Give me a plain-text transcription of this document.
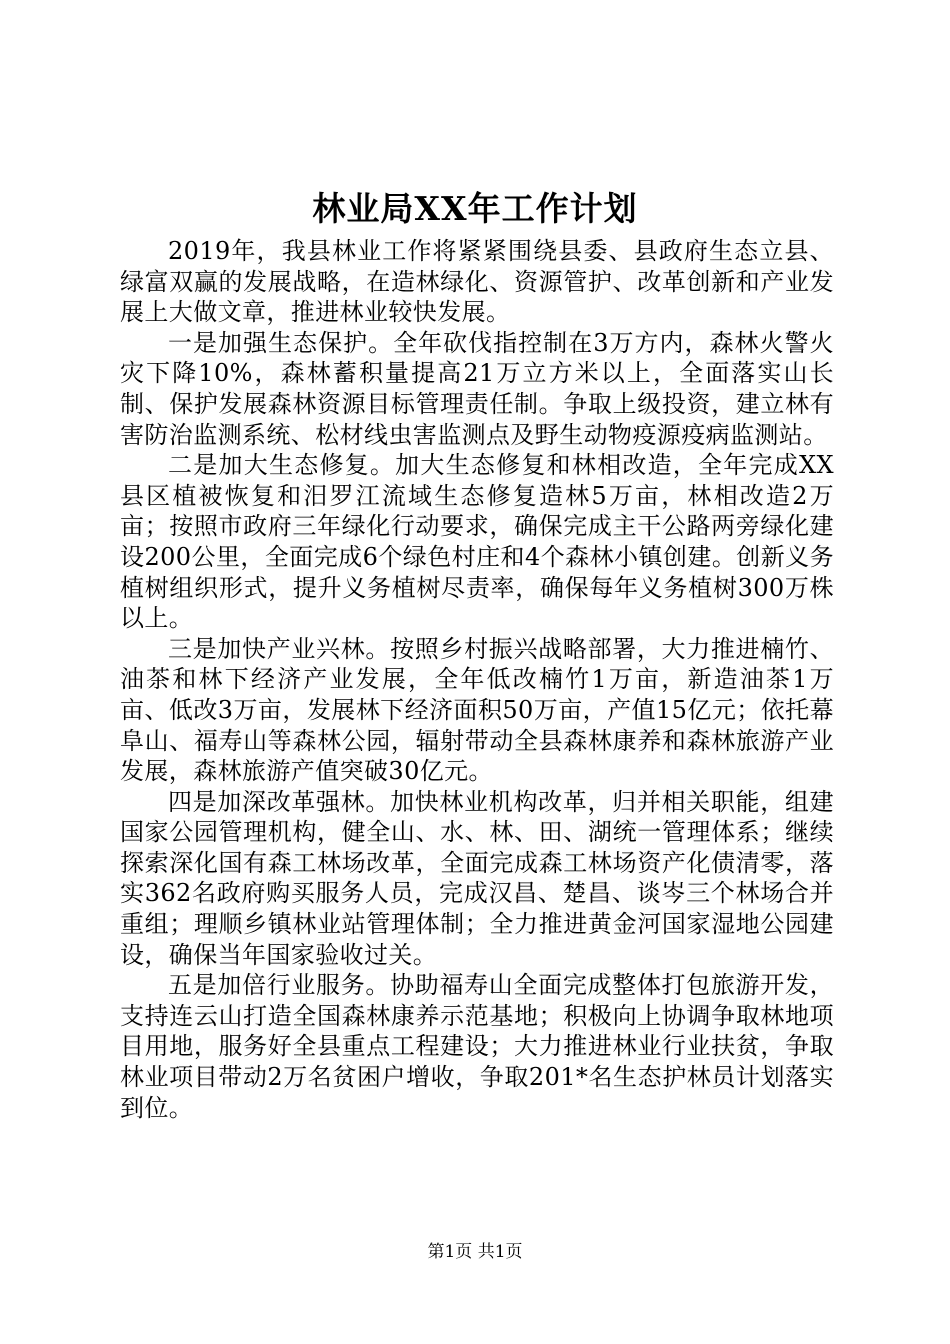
林业局XX年工作计划

2019年，我县林业工作将紧紧围绕县委、县政府生态立县、绿富双赢的发展战略，在造林绿化、资源管护、改革创新和产业发展上大做文章，推进林业较快发展。

一是加强生态保护。全年砍伐指控制在3万方内，森林火警火灾下降10%，森林蓄积量提高21万立方米以上，全面落实山长制、保护发展森林资源目标管理责任制。争取上级投资，建立林有害防治监测系统、松材线虫害监测点及野生动物疫源疫病监测站。

二是加大生态修复。加大生态修复和林相改造，全年完成XX县区植被恢复和汨罗江流域生态修复造林5万亩，林相改造2万亩；按照市政府三年绿化行动要求，确保完成主干公路两旁绿化建设200公里，全面完成6个绿色村庄和4个森林小镇创建。创新义务植树组织形式，提升义务植树尽责率，确保每年义务植树300万株以上。

三是加快产业兴林。按照乡村振兴战略部署，大力推进楠竹、油茶和林下经济产业发展，全年低改楠竹1万亩，新造油茶1万亩、低改3万亩，发展林下经济面积50万亩，产值15亿元；依托幕阜山、福寿山等森林公园，辐射带动全县森林康养和森林旅游产业发展，森林旅游产值突破30亿元。

四是加深改革强林。加快林业机构改革，归并相关职能，组建国家公园管理机构，健全山、水、林、田、湖统一管理体系；继续探索深化国有森工林场改革，全面完成森工林场资产化债清零，落实362名政府购买服务人员，完成汉昌、楚昌、谈岑三个林场合并重组；理顺乡镇林业站管理体制；全力推进黄金河国家湿地公园建设，确保当年国家验收过关。

五是加倍行业服务。协助福寿山全面完成整体打包旅游开发，支持连云山打造全国森林康养示范基地；积极向上协调争取林地项目用地，服务好全县重点工程建设；大力推进林业行业扶贫，争取林业项目带动2万名贫困户增收，争取201*名生态护林员计划落实到位。

第1页 共1页
